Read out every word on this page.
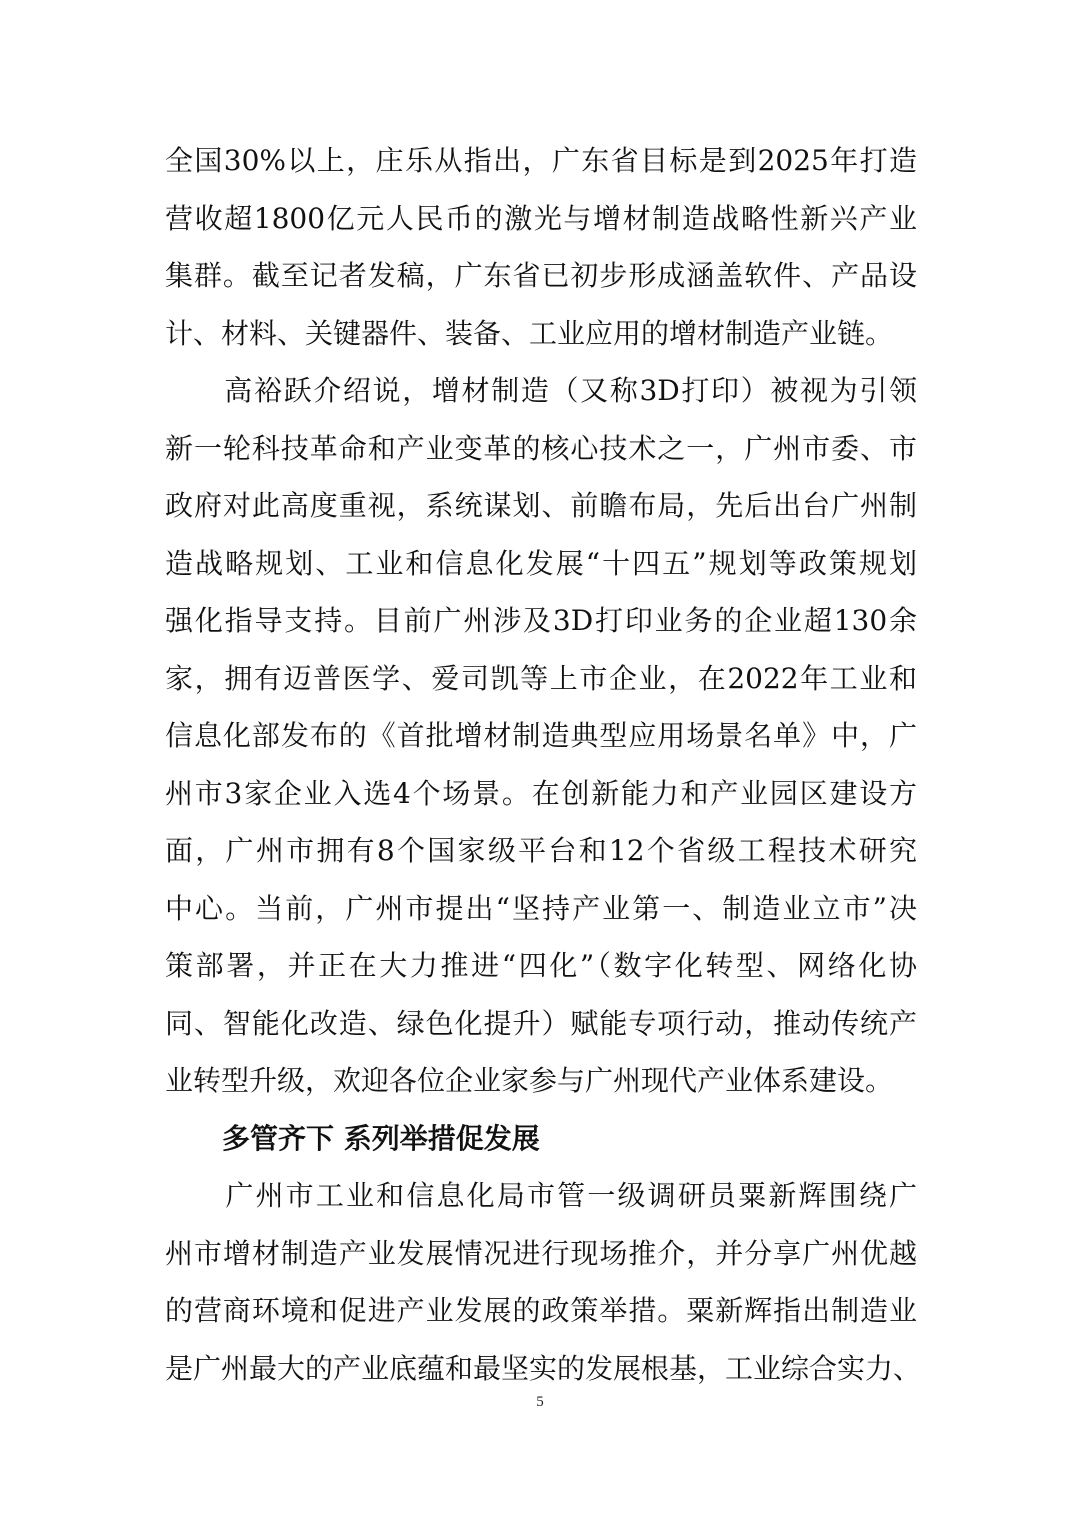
全国30%以上，庄乐从指出，广东省目标是到2025年打造
营收超1800亿元人民币的激光与增材制造战略性新兴产业
集群。截至记者发稿，广东省已初步形成涵盖软件、产品设
计、材料、关键器件、装备、工业应用的增材制造产业链。
　　高裕跃介绍说，增材制造（又称3D打印）被视为引领
新一轮科技革命和产业变革的核心技术之一，广州市委、市
政府对此高度重视，系统谋划、前瞻布局，先后出台广州制
造战略规划、工业和信息化发展“十四五”规划等政策规划
强化指导支持。目前广州涉及3D打印业务的企业超130余
家，拥有迈普医学、爱司凯等上市企业，在2022年工业和
信息化部发布的《首批增材制造典型应用场景名单》中，广
州市3家企业入选4个场景。在创新能力和产业园区建设方
面，广州市拥有8个国家级平台和12个省级工程技术研究
中心。当前，广州市提出“坚持产业第一、制造业立市”决
策部署，并正在大力推进“四化”（数字化转型、网络化协
同、智能化改造、绿色化提升）赋能专项行动，推动传统产
业转型升级，欢迎各位企业家参与广州现代产业体系建设。
多管齐下 系列举措促发展
　　广州市工业和信息化局市管一级调研员粟新辉围绕广
州市增材制造产业发展情况进行现场推介，并分享广州优越
的营商环境和促进产业发展的政策举措。粟新辉指出制造业
是广州最大的产业底蕴和最坚实的发展根基，工业综合实力、
5
